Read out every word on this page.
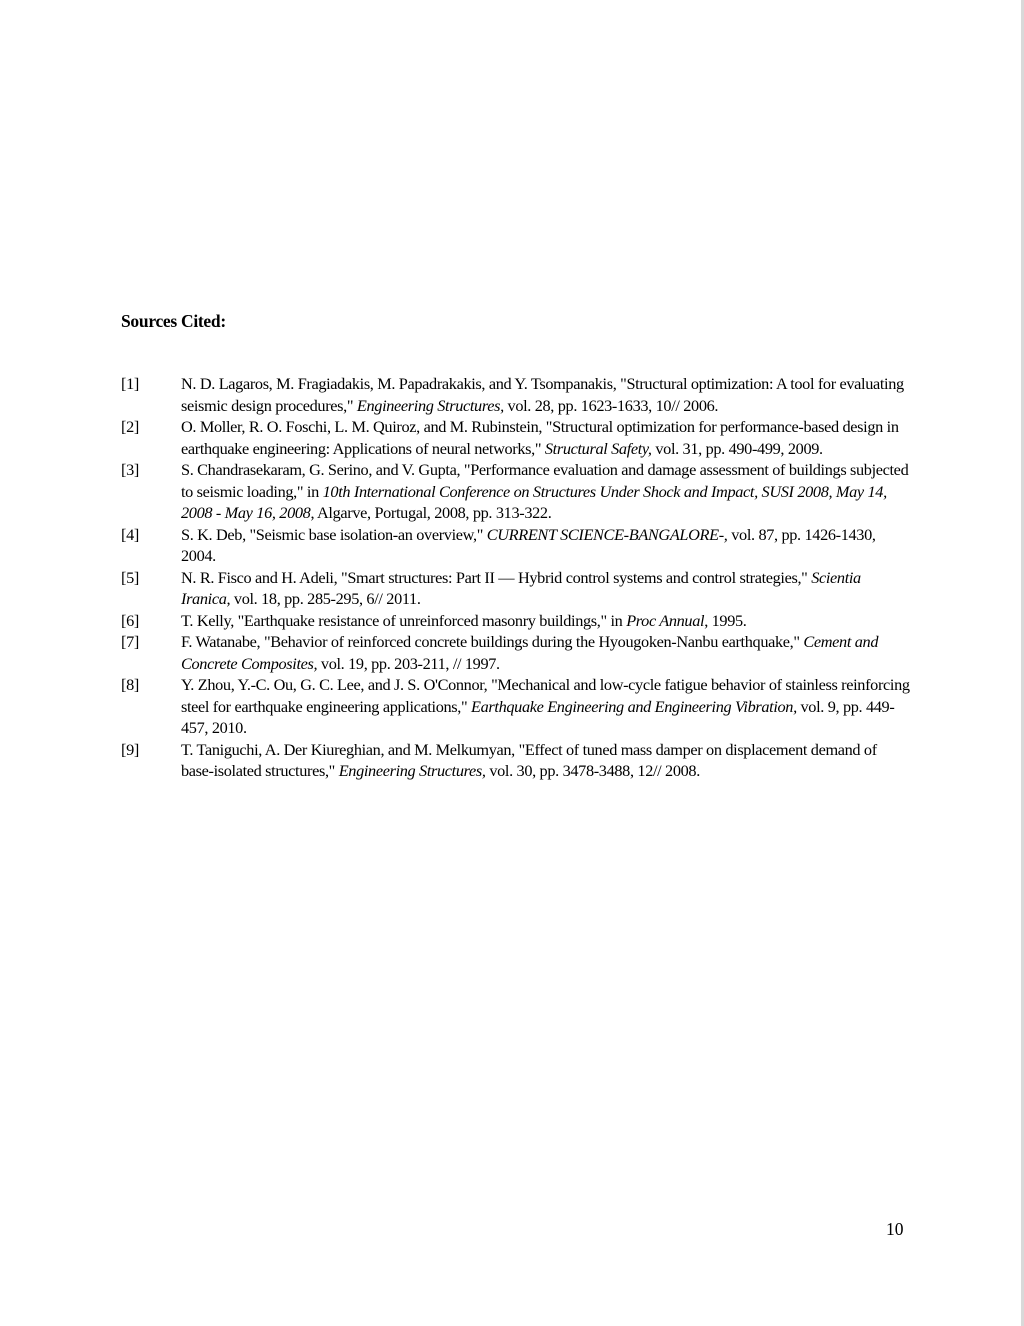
Sources Cited:
[1]	N. D. Lagaros, M. Fragiadakis, M. Papadrakakis, and Y. Tsompanakis, "Structural optimization: A tool for evaluating seismic design procedures," Engineering Structures, vol. 28, pp. 1623-1633, 10// 2006.
[2]	O. Moller, R. O. Foschi, L. M. Quiroz, and M. Rubinstein, "Structural optimization for performance-based design in earthquake engineering: Applications of neural networks," Structural Safety, vol. 31, pp. 490-499, 2009.
[3]	S. Chandrasekaram, G. Serino, and V. Gupta, "Performance evaluation and damage assessment of buildings subjected to seismic loading," in 10th International Conference on Structures Under Shock and Impact, SUSI 2008, May 14, 2008 - May 16, 2008, Algarve, Portugal, 2008, pp. 313-322.
[4]	S. K. Deb, "Seismic base isolation-an overview," CURRENT SCIENCE-BANGALORE-, vol. 87, pp. 1426-1430, 2004.
[5]	N. R. Fisco and H. Adeli, "Smart structures: Part II — Hybrid control systems and control strategies," Scientia Iranica, vol. 18, pp. 285-295, 6// 2011.
[6]	T. Kelly, "Earthquake resistance of unreinforced masonry buildings," in Proc Annual, 1995.
[7]	F. Watanabe, "Behavior of reinforced concrete buildings during the Hyougoken-Nanbu earthquake," Cement and Concrete Composites, vol. 19, pp. 203-211, // 1997.
[8]	Y. Zhou, Y.-C. Ou, G. C. Lee, and J. S. O'Connor, "Mechanical and low-cycle fatigue behavior of stainless reinforcing steel for earthquake engineering applications," Earthquake Engineering and Engineering Vibration, vol. 9, pp. 449-457, 2010.
[9]	T. Taniguchi, A. Der Kiureghian, and M. Melkumyan, "Effect of tuned mass damper on displacement demand of base-isolated structures," Engineering Structures, vol. 30, pp. 3478-3488, 12// 2008.
10
